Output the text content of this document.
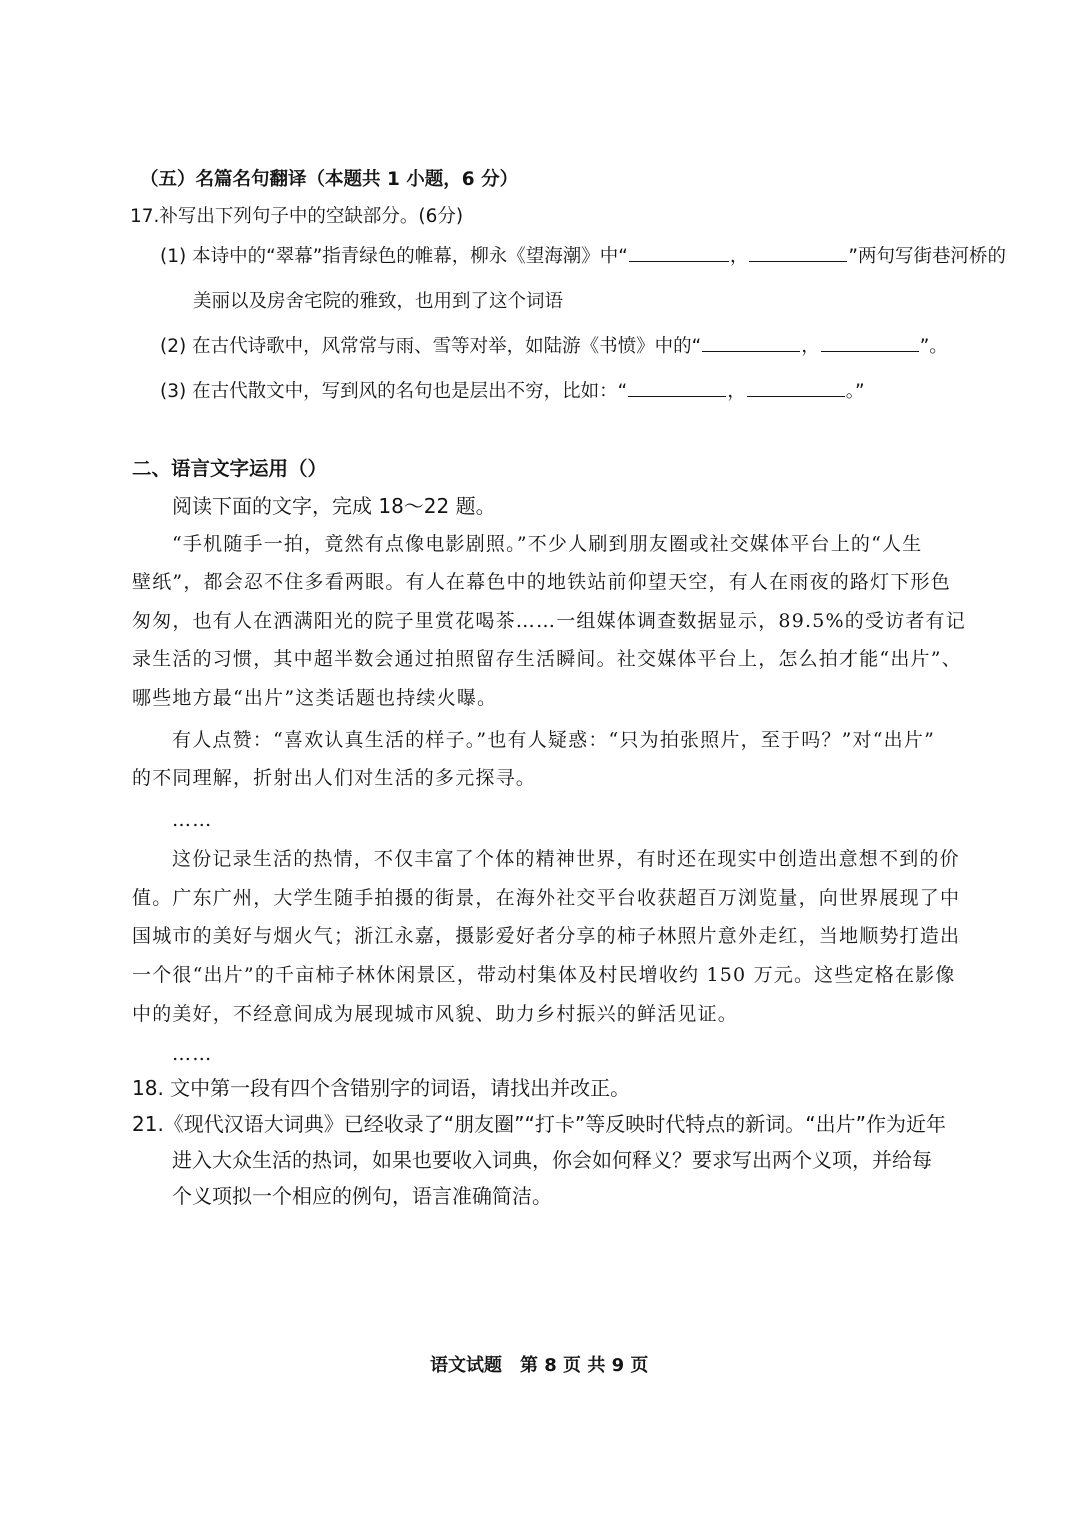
（五）名篇名句翻译（本题共 1 小题，6 分）
17.补写出下列句子中的空缺部分。(6分)
(1) 本诗中的“翠幕”指青绿色的帷幕，柳永《望海潮》中“	，	”两句写街巷河桥的
美丽以及房舍宅院的雅致，也用到了这个词语
(2) 在古代诗歌中，风常常与雨、雪等对举，如陆游《书愤》中的“	，	”。
(3) 在古代散文中，写到风的名句也是层出不穷，比如：“	，	。”
二、语言文字运用（）
阅读下面的文字，完成 18～22 题。
“手机随手一拍，竟然有点像电影剧照。”不少人刷到朋友圈或社交媒体平台上的“人生
壁纸”，都会忍不住多看两眼。有人在幕色中的地铁站前仰望天空，有人在雨夜的路灯下形色
匆匆，也有人在洒满阳光的院子里赏花喝茶……一组媒体调查数据显示，89.5%的受访者有记
录生活的习惯，其中超半数会通过拍照留存生活瞬间。社交媒体平台上，怎么拍才能“出片”、
哪些地方最“出片”这类话题也持续火曝。
有人点赞：“喜欢认真生活的样子。”也有人疑惑：“只为拍张照片，至于吗？”对“出片”
的不同理解，折射出人们对生活的多元探寻。
……
这份记录生活的热情，不仅丰富了个体的精神世界，有时还在现实中创造出意想不到的价
值。广东广州，大学生随手拍摄的街景，在海外社交平台收获超百万浏览量，向世界展现了中
国城市的美好与烟火气；浙江永嘉，摄影爱好者分享的柿子林照片意外走红，当地顺势打造出
一个很“出片”的千亩柿子林休闲景区，带动村集体及村民增收约 150 万元。这些定格在影像
中的美好，不经意间成为展现城市风貌、助力乡村振兴的鲜活见证。
……
18. 文中第一段有四个含错别字的词语，请找出并改正。
21.《现代汉语大词典》已经收录了“朋友圈”“打卡”等反映时代特点的新词。“出片”作为近年
进入大众生活的热词，如果也要收入词典，你会如何释义？要求写出两个义项，并给每
个义项拟一个相应的例句，语言准确简洁。
语文试题　第 8 页 共 9 页
